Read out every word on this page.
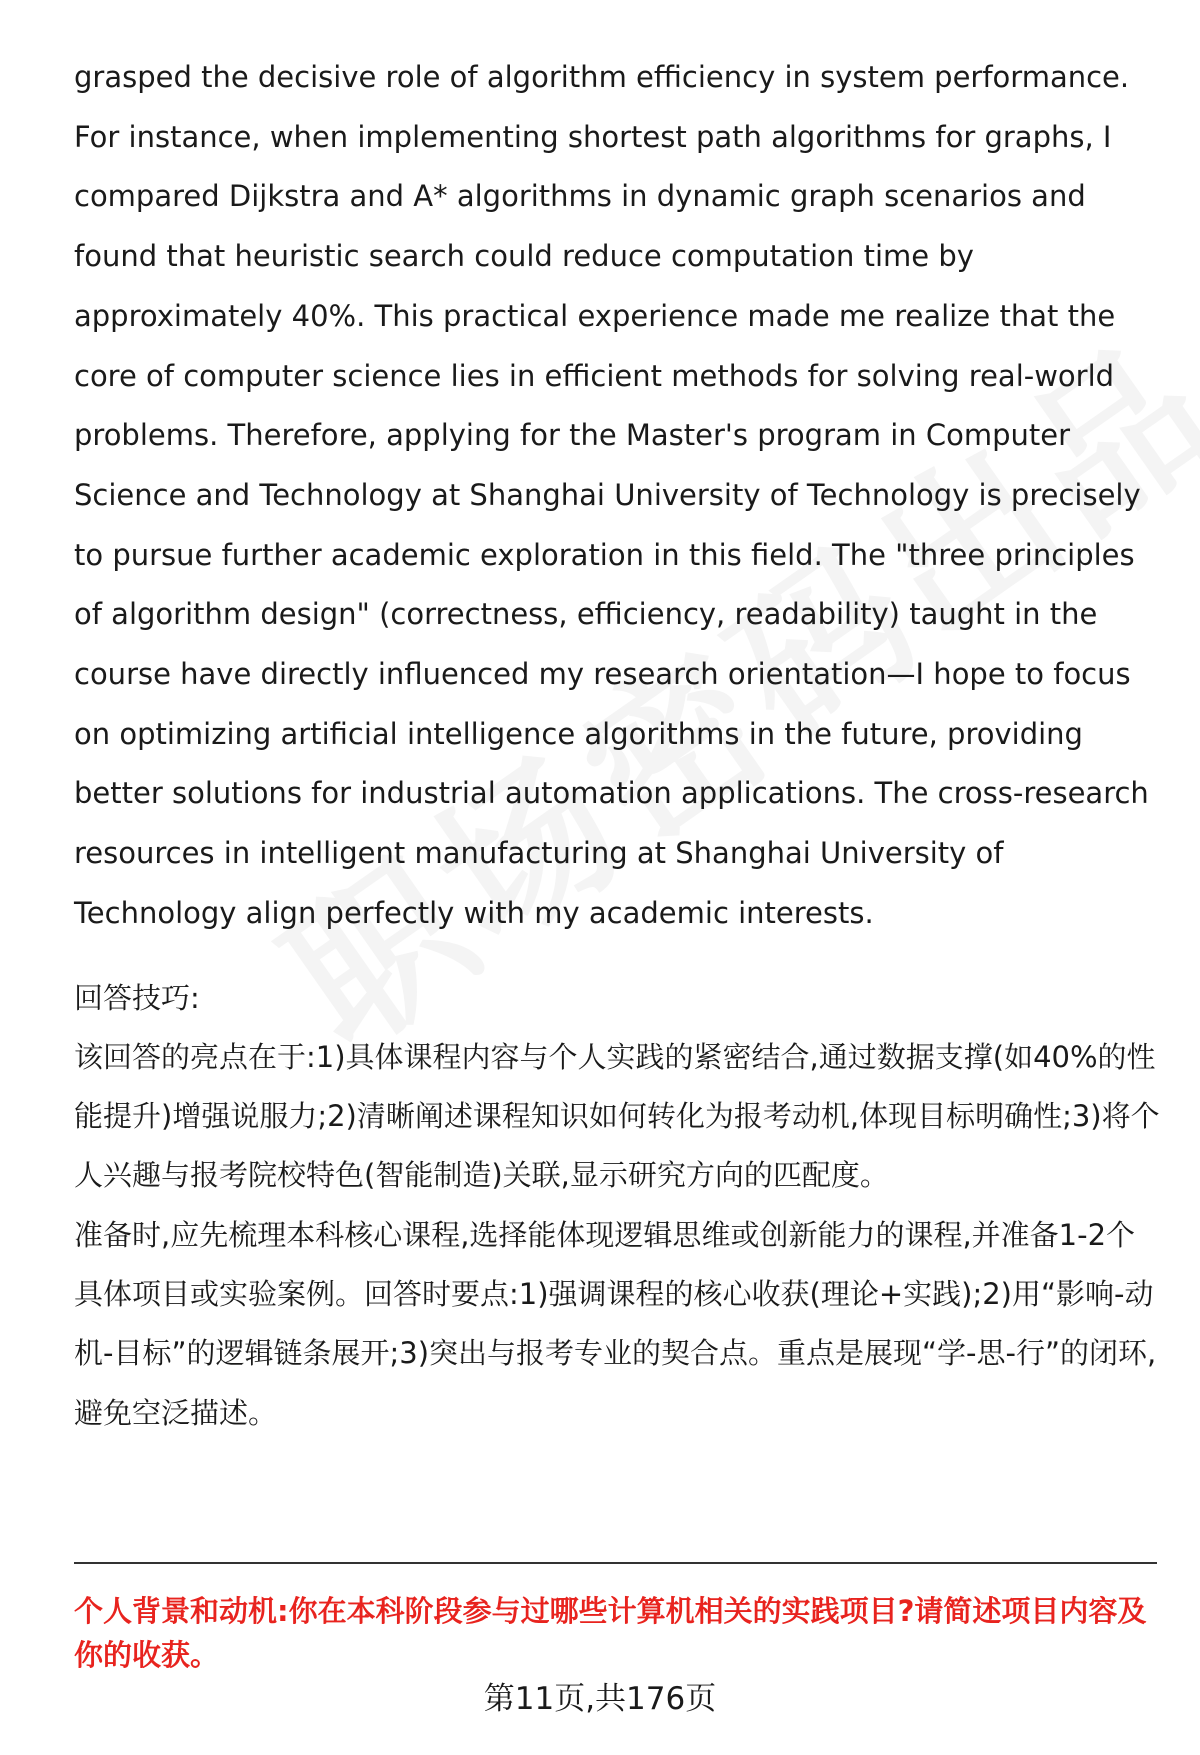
grasped the decisive role of algorithm efficiency in system performance. For instance, when implementing shortest path algorithms for graphs, I compared Dijkstra and A* algorithms in dynamic graph scenarios and found that heuristic search could reduce computation time by approximately 40%. This practical experience made me realize that the core of computer science lies in efficient methods for solving real-world problems. Therefore, applying for the Master's program in Computer Science and Technology at Shanghai University of Technology is precisely to pursue further academic exploration in this field. The "three principles of algorithm design" (correctness, efficiency, readability) taught in the course have directly influenced my research orientation—I hope to focus on optimizing artificial intelligence algorithms in the future, providing better solutions for industrial automation applications. The cross-research resources in intelligent manufacturing at Shanghai University of Technology align perfectly with my academic interests.

回答技巧:

该回答的亮点在于:1)具体课程内容与个人实践的紧密结合,通过数据支撑(如40%的性能提升)增强说服力;2)清晰阐述课程知识如何转化为报考动机,体现目标明确性;3)将个人兴趣与报考院校特色(智能制造)关联,显示研究方向的匹配度。

准备时,应先梳理本科核心课程,选择能体现逻辑思维或创新能力的课程,并准备1-2个具体项目或实验案例。回答时要点:1)强调课程的核心收获(理论+实践);2)用“影响-动机-目标”的逻辑链条展开;3)突出与报考专业的契合点。重点是展现“学-思-行”的闭环,避免空泛描述。

个人背景和动机:你在本科阶段参与过哪些计算机相关的实践项目?请简述项目内容及你的收获。

第11页,共176页
